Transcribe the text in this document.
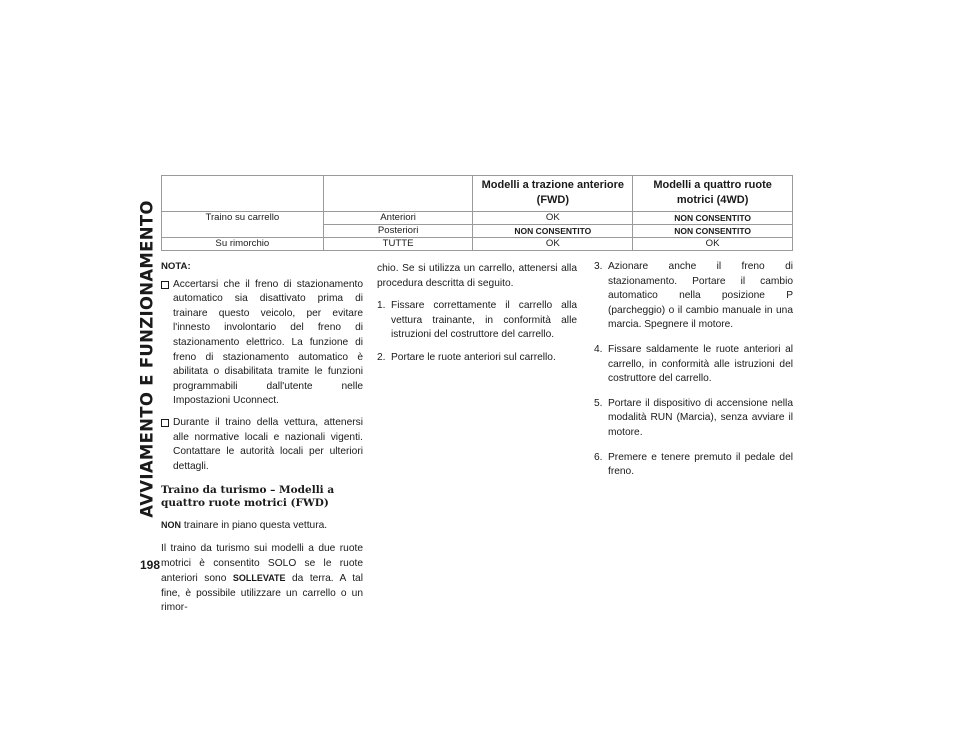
AVVIAMENTO E FUNZIONAMENTO
198
		Modelli a trazione anteriore (FWD)	Modelli a quattro ruote motrici (4WD)
Traino su carrello	Anteriori	OK	NON CONSENTITO
	Posteriori	NON CONSENTITO	NON CONSENTITO
Su rimorchio	TUTTE	OK	OK
NOTA:
Accertarsi che il freno di stazionamento automatico sia disattivato prima di trainare questo veicolo, per evitare l'innesto involontario del freno di stazionamento elettrico. La funzione di freno di stazionamento automatico è abilitata o disabilitata tramite le funzioni programmabili dall'utente nelle Impostazioni Uconnect.
Durante il traino della vettura, attenersi alle normative locali e nazionali vigenti. Contattare le autorità locali per ulteriori dettagli.
Traino da turismo – Modelli a quattro ruote motrici (FWD)

NON trainare in piano questa vettura.

Il traino da turismo sui modelli a due ruote motrici è consentito SOLO se le ruote anteriori sono SOLLEVATE da terra. A tal fine, è possibile utilizzare un carrello o un rimor-

chio. Se si utilizza un carrello, attenersi alla procedura descritta di seguito.

1. Fissare correttamente il carrello alla vettura trainante, in conformità alle istruzioni del costruttore del carrello.
2. Portare le ruote anteriori sul carrello.
3. Azionare anche il freno di stazionamento. Portare il cambio automatico nella posizione P (parcheggio) o il cambio manuale in una marcia. Spegnere il motore.
4. Fissare saldamente le ruote anteriori al carrello, in conformità alle istruzioni del costruttore del carrello.
5. Portare il dispositivo di accensione nella modalità RUN (Marcia), senza avviare il motore.
6. Premere e tenere premuto il pedale del freno.
